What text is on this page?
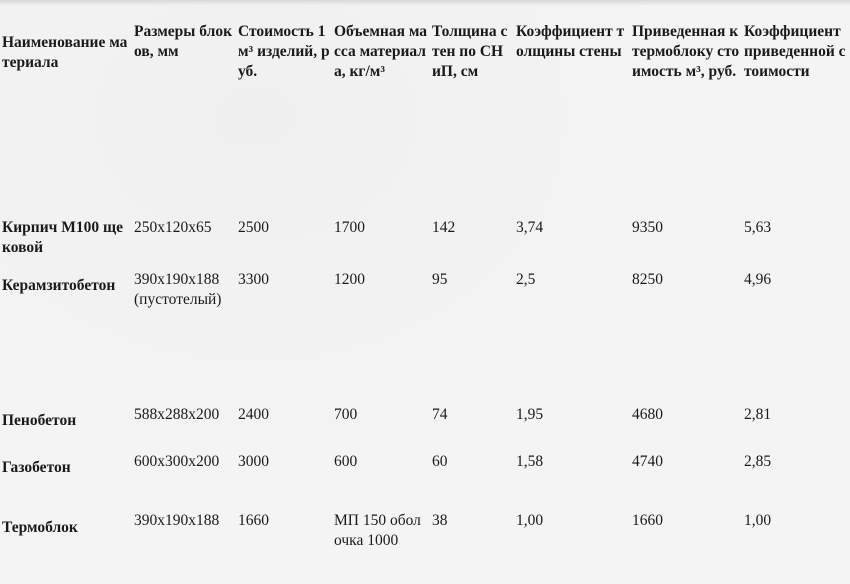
Наименование материала	Размеры блоков, мм	Стоимость 1 м³ изделий, руб.	Объемная масса материала, кг/м³	Толщина стен по СНиП, см	Коэффициент толщины стены	Приведенная к термоблоку стоимость м³, руб.	Коэффициент приведенной стоимости

Кирпич М100 щековой	250x120x65	2500	1700	142	3,74	9350	5,63

Керамзитобетон	390x190x188 (пустотелый)	3300	1200	95	2,5	8250	4,96

Пенобетон	588x288x200	2400	700	74	1,95	4680	2,81

Газобетон	600x300x200	3000	600	60	1,58	4740	2,85

Термоблок	390x190x188	1660	МП 150 оболочка 1000	38	1,00	1660	1,00
